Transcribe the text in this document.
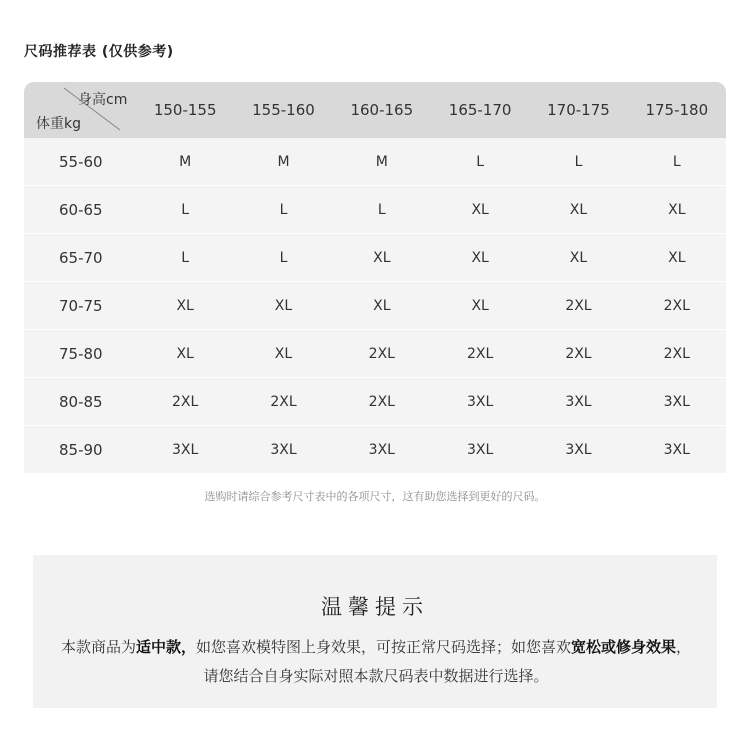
尺码推荐表 (仅供参考)
身高cm
体重kg
150-155	155-160	160-165	165-170	170-175	175-180
55-60	M	M	M	L	L	L
60-65	L	L	L	XL	XL	XL
65-70	L	L	XL	XL	XL	XL
70-75	XL	XL	XL	XL	2XL	2XL
75-80	XL	XL	2XL	2XL	2XL	2XL
80-85	2XL	2XL	2XL	3XL	3XL	3XL
85-90	3XL	3XL	3XL	3XL	3XL	3XL
选购时请综合参考尺寸表中的各项尺寸，这有助您选择到更好的尺码。
温馨提示
本款商品为适中款，如您喜欢模特图上身效果，可按正常尺码选择；如您喜欢宽松或修身效果，请您结合自身实际对照本款尺码表中数据进行选择。
